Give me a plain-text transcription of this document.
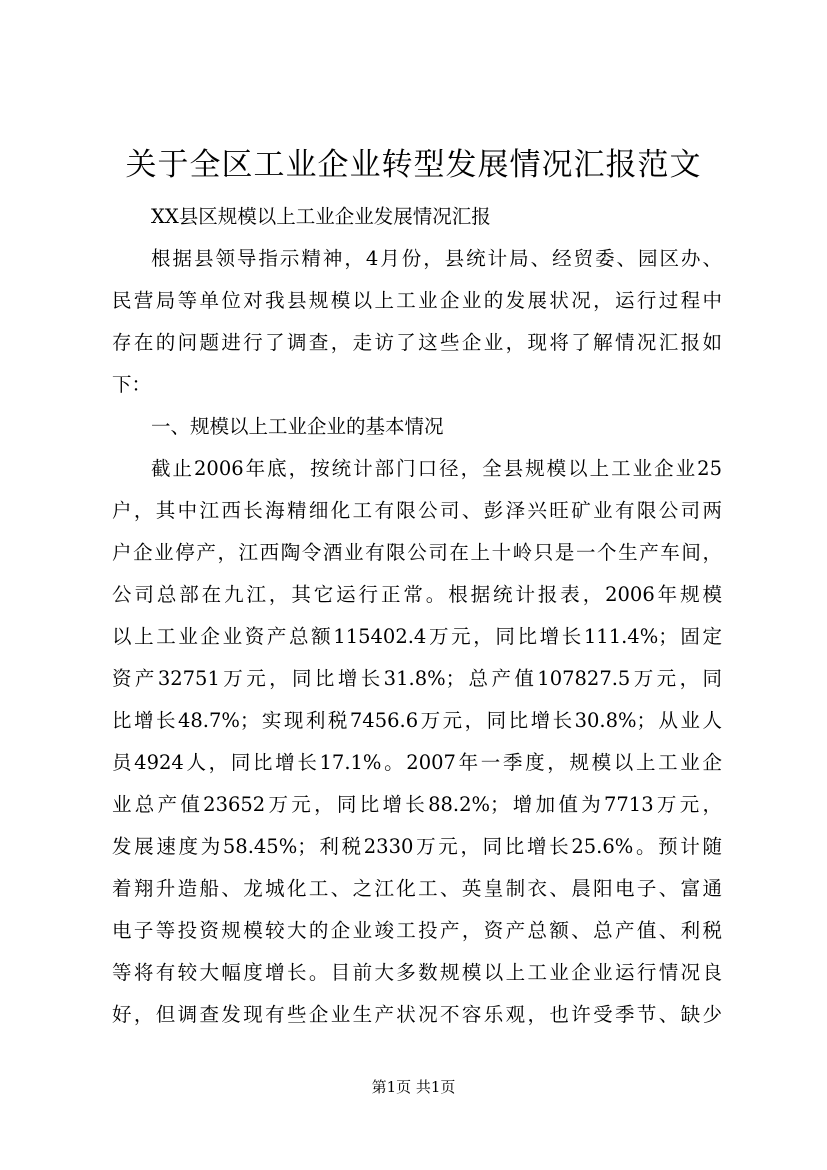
关于全区工业企业转型发展情况汇报范文
XX县区规模以上工业企业发展情况汇报
根据县领导指示精神，4月份，县统计局、经贸委、园区办、
民营局等单位对我县规模以上工业企业的发展状况，运行过程中
存在的问题进行了调查，走访了这些企业，现将了解情况汇报如
下：
一、规模以上工业企业的基本情况
截止2006年底，按统计部门口径，全县规模以上工业企业25
户，其中江西长海精细化工有限公司、彭泽兴旺矿业有限公司两
户企业停产，江西陶令酒业有限公司在上十岭只是一个生产车间，
公司总部在九江，其它运行正常。根据统计报表，2006年规模
以上工业企业资产总额115402.4万元，同比增长111.4%；固定
资产32751万元，同比增长31.8%；总产值107827.5万元，同
比增长48.7%；实现利税7456.6万元，同比增长30.8%；从业人
员4924人，同比增长17.1%。2007年一季度，规模以上工业企
业总产值23652万元，同比增长88.2%；增加值为7713万元，
发展速度为58.45%；利税2330万元，同比增长25.6%。预计随
着翔升造船、龙城化工、之江化工、英皇制衣、晨阳电子、富通
电子等投资规模较大的企业竣工投产，资产总额、总产值、利税
等将有较大幅度增长。目前大多数规模以上工业企业运行情况良
好，但调查发现有些企业生产状况不容乐观，也许受季节、缺少
第1页 共1页
